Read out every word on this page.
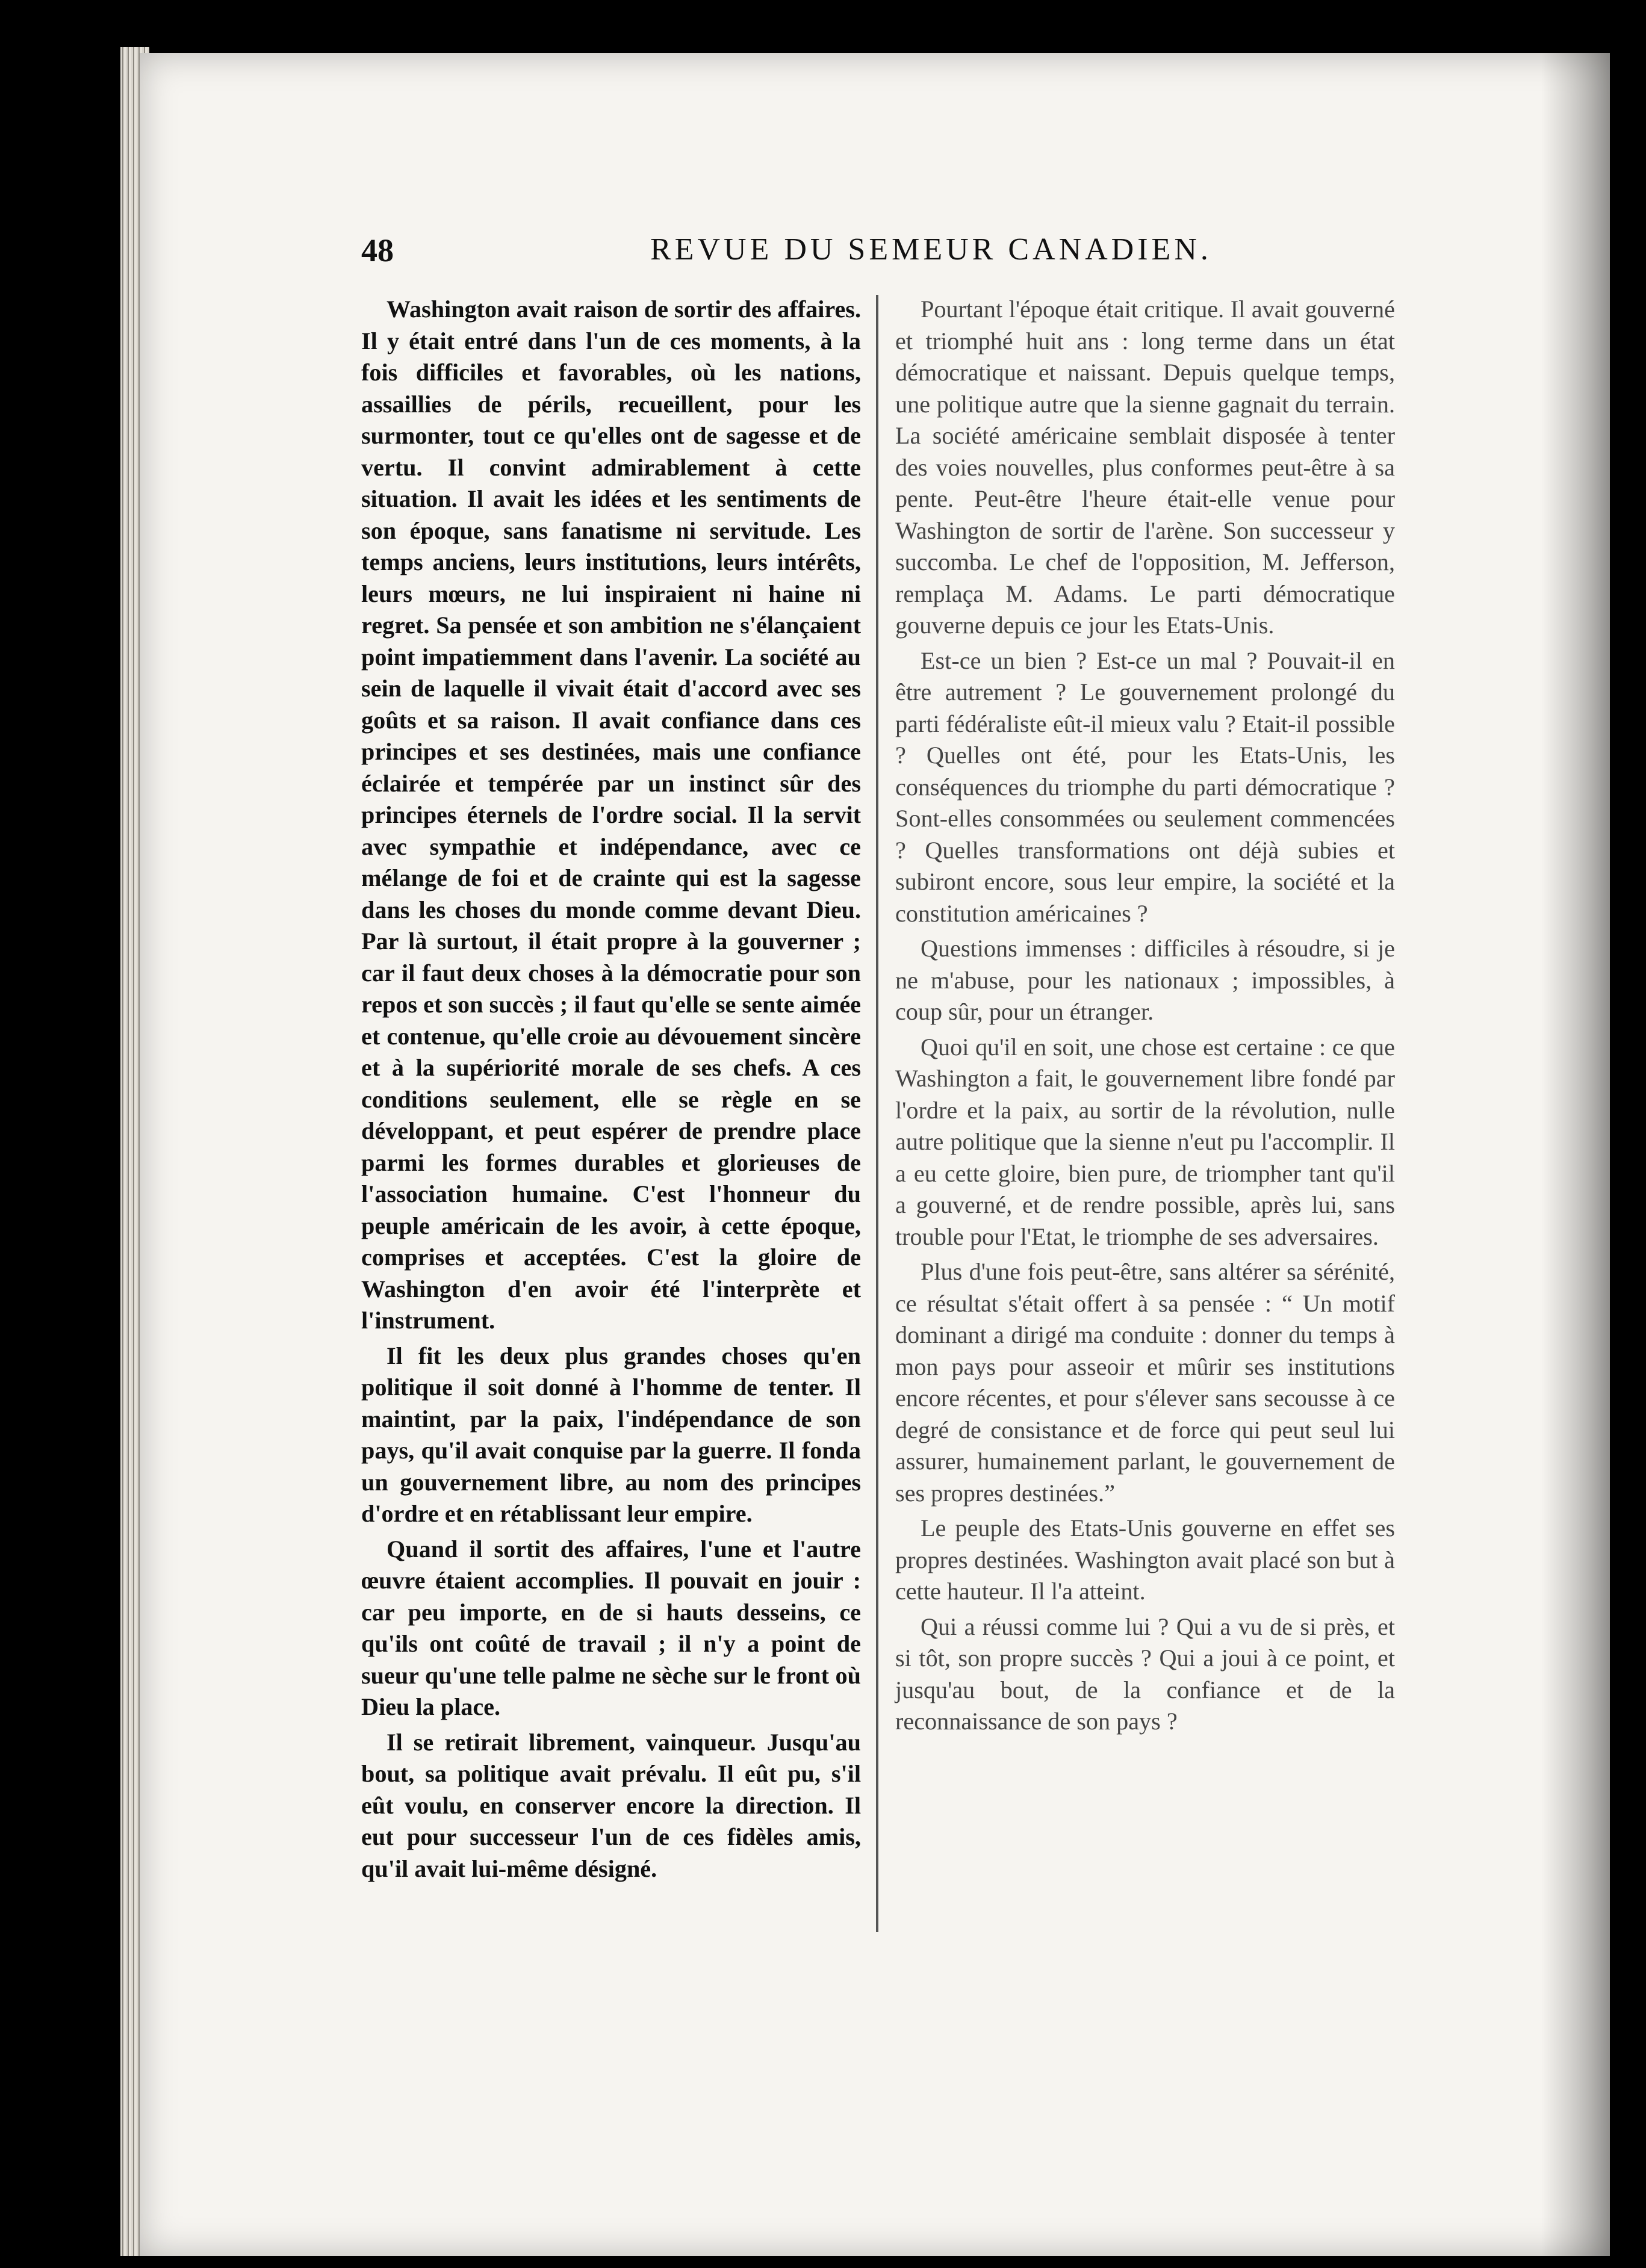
48	REVUE DU SEMEUR CANADIEN.

Washington avait raison de sortir des affaires. Il y était entré dans l'un de ces moments, à la fois difficiles et favorables, où les nations, assaillies de périls, recueillent, pour les surmonter, tout ce qu'elles ont de sagesse et de vertu. Il convint admirablement à cette situation. Il avait les idées et les sentiments de son époque, sans fanatisme ni servitude. Les temps anciens, leurs institutions, leurs intérêts, leurs mœurs, ne lui inspiraient ni haine ni regret. Sa pensée et son ambition ne s'élançaient point impatiemment dans l'avenir. La société au sein de laquelle il vivait était d'accord avec ses goûts et sa raison. Il avait confiance dans ces principes et ses destinées, mais une confiance éclairée et tempérée par un instinct sûr des principes éternels de l'ordre social. Il la servit avec sympathie et indépendance, avec ce mélange de foi et de crainte qui est la sagesse dans les choses du monde comme devant Dieu. Par là surtout, il était propre à la gouverner ; car il faut deux choses à la démocratie pour son repos et son succès ; il faut qu'elle se sente aimée et contenue, qu'elle croie au dévouement sincère et à la supériorité morale de ses chefs. A ces conditions seulement, elle se règle en se développant, et peut espérer de prendre place parmi les formes durables et glorieuses de l'association humaine. C'est l'honneur du peuple américain de les avoir, à cette époque, comprises et acceptées. C'est la gloire de Washington d'en avoir été l'interprète et l'instrument.

Il fit les deux plus grandes choses qu'en politique il soit donné à l'homme de tenter. Il maintint, par la paix, l'indépendance de son pays, qu'il avait conquise par la guerre. Il fonda un gouvernement libre, au nom des principes d'ordre et en rétablissant leur empire.

Quand il sortit des affaires, l'une et l'autre œuvre étaient accomplies. Il pouvait en jouir : car peu importe, en de si hauts desseins, ce qu'ils ont coûté de travail ; il n'y a point de sueur qu'une telle palme ne sèche sur le front où Dieu la place.

Il se retirait librement, vainqueur. Jusqu'au bout, sa politique avait prévalu. Il eût pu, s'il eût voulu, en conserver encore la direction. Il eut pour successeur l'un de ces fidèles amis, qu'il avait lui-même désigné.

Pourtant l'époque était critique. Il avait gouverné et triomphé huit ans : long terme dans un état démocratique et naissant. Depuis quelque temps, une politique autre que la sienne gagnait du terrain. La société américaine semblait disposée à tenter des voies nouvelles, plus conformes peut-être à sa pente. Peut-être l'heure était-elle venue pour Washington de sortir de l'arène. Son successeur y succomba. Le chef de l'opposition, M. Jefferson, remplaça M. Adams. Le parti démocratique gouverne depuis ce jour les Etats-Unis.

Est-ce un bien ? Est-ce un mal ? Pouvait-il en être autrement ? Le gouvernement prolongé du parti fédéraliste eût-il mieux valu ? Etait-il possible ? Quelles ont été, pour les Etats-Unis, les conséquences du triomphe du parti démocratique ? Sont-elles consommées ou seulement commencées ? Quelles transformations ont déjà subies et subiront encore, sous leur empire, la société et la constitution américaines ?

Questions immenses : difficiles à résoudre, si je ne m'abuse, pour les nationaux ; impossibles, à coup sûr, pour un étranger.

Quoi qu'il en soit, une chose est certaine : ce que Washington a fait, le gouvernement libre fondé par l'ordre et la paix, au sortir de la révolution, nulle autre politique que la sienne n'eut pu l'accomplir. Il a eu cette gloire, bien pure, de triompher tant qu'il a gouverné, et de rendre possible, après lui, sans trouble pour l'Etat, le triomphe de ses adversaires.

Plus d'une fois peut-être, sans altérer sa sérénité, ce résultat s'était offert à sa pensée : “ Un motif dominant a dirigé ma conduite : donner du temps à mon pays pour asseoir et mûrir ses institutions encore récentes, et pour s'élever sans secousse à ce degré de consistance et de force qui peut seul lui assurer, humainement parlant, le gouvernement de ses propres destinées.”

Le peuple des Etats-Unis gouverne en effet ses propres destinées. Washington avait placé son but à cette hauteur. Il l'a atteint.

Qui a réussi comme lui ? Qui a vu de si près, et si tôt, son propre succès ? Qui a joui à ce point, et jusqu'au bout, de la confiance et de la reconnaissance de son pays ?
